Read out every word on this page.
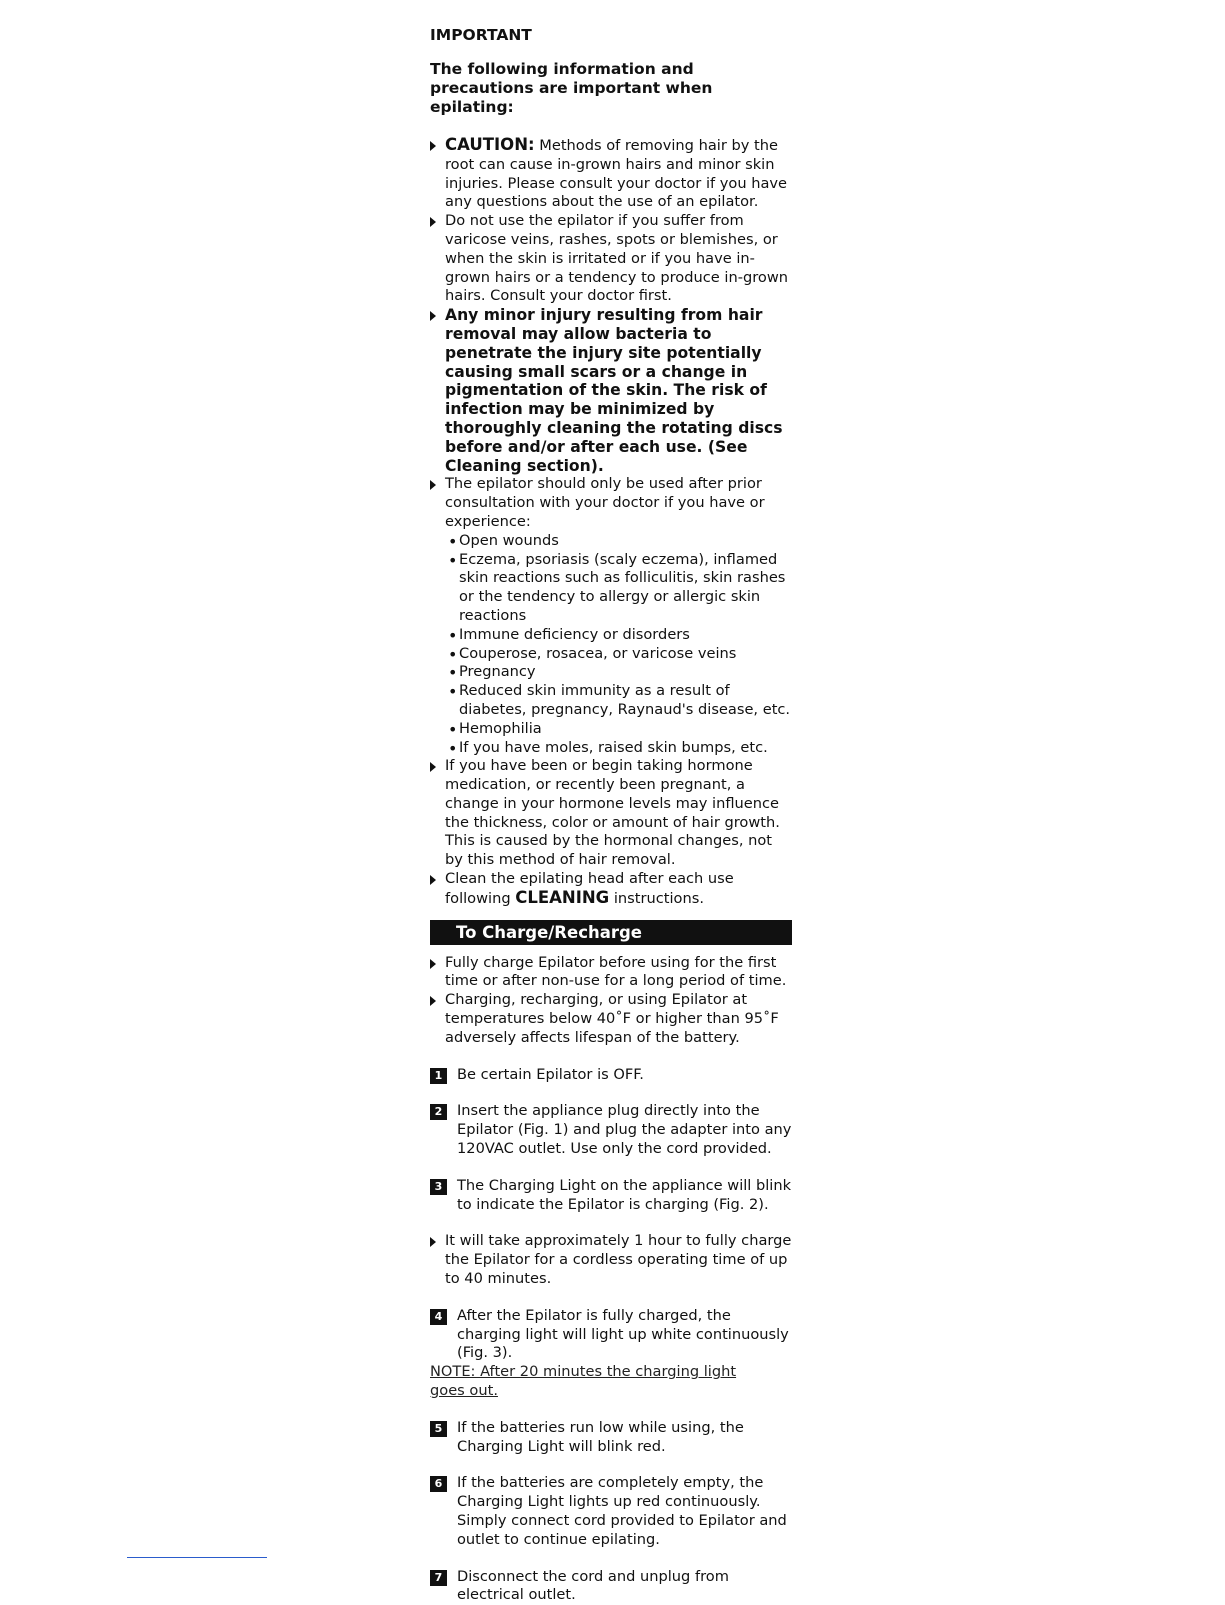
IMPORTANT

The following information and precautions are important when epilating:

CAUTION: Methods of removing hair by the root can cause in-grown hairs and minor skin injuries. Please consult your doctor if you have any questions about the use of an epilator.

Do not use the epilator if you suffer from varicose veins, rashes, spots or blemishes, or when the skin is irritated or if you have in-grown hairs or a tendency to produce in-grown hairs. Consult your doctor first.

Any minor injury resulting from hair removal may allow bacteria to penetrate the injury site potentially causing small scars or a change in pigmentation of the skin. The risk of infection may be minimized by thoroughly cleaning the rotating discs before and/or after each use. (See Cleaning section).

The epilator should only be used after prior consultation with your doctor if you have or experience:

• Open wounds

• Eczema, psoriasis (scaly eczema), inflamed skin reactions such as folliculitis, skin rashes or the tendency to allergy or allergic skin reactions

• Immune deficiency or disorders

• Couperose, rosacea, or varicose veins

• Pregnancy

• Reduced skin immunity as a result of diabetes, pregnancy, Raynaud's disease, etc.

• Hemophilia

• If you have moles, raised skin bumps, etc.

If you have been or begin taking hormone medication, or recently been pregnant, a change in your hormone levels may influence the thickness, color or amount of hair growth. This is caused by the hormonal changes, not by this method of hair removal.

Clean the epilating head after each use following CLEANING instructions.

To Charge/Recharge

Fully charge Epilator before using for the first time or after non-use for a long period of time.

Charging, recharging, or using Epilator at temperatures below 40˚F or higher than 95˚F adversely affects lifespan of the battery.

1	Be certain Epilator is OFF.

2	Insert the appliance plug directly into the Epilator (Fig. 1) and plug the adapter into any 120VAC outlet. Use only the cord provided.

3	The Charging Light on the appliance will blink to indicate the Epilator is charging (Fig. 2).

It will take approximately 1 hour to fully charge the Epilator for a cordless operating time of up to 40 minutes.

4	After the Epilator is fully charged, the charging light will light up white continuously (Fig. 3).

NOTE: After 20 minutes the charging light goes out.

5	If the batteries run low while using, the Charging Light will blink red.

6	If the batteries are completely empty, the Charging Light lights up red continuously. Simply connect cord provided to Epilator and outlet to continue epilating.

7	Disconnect the cord and unplug from electrical outlet.
